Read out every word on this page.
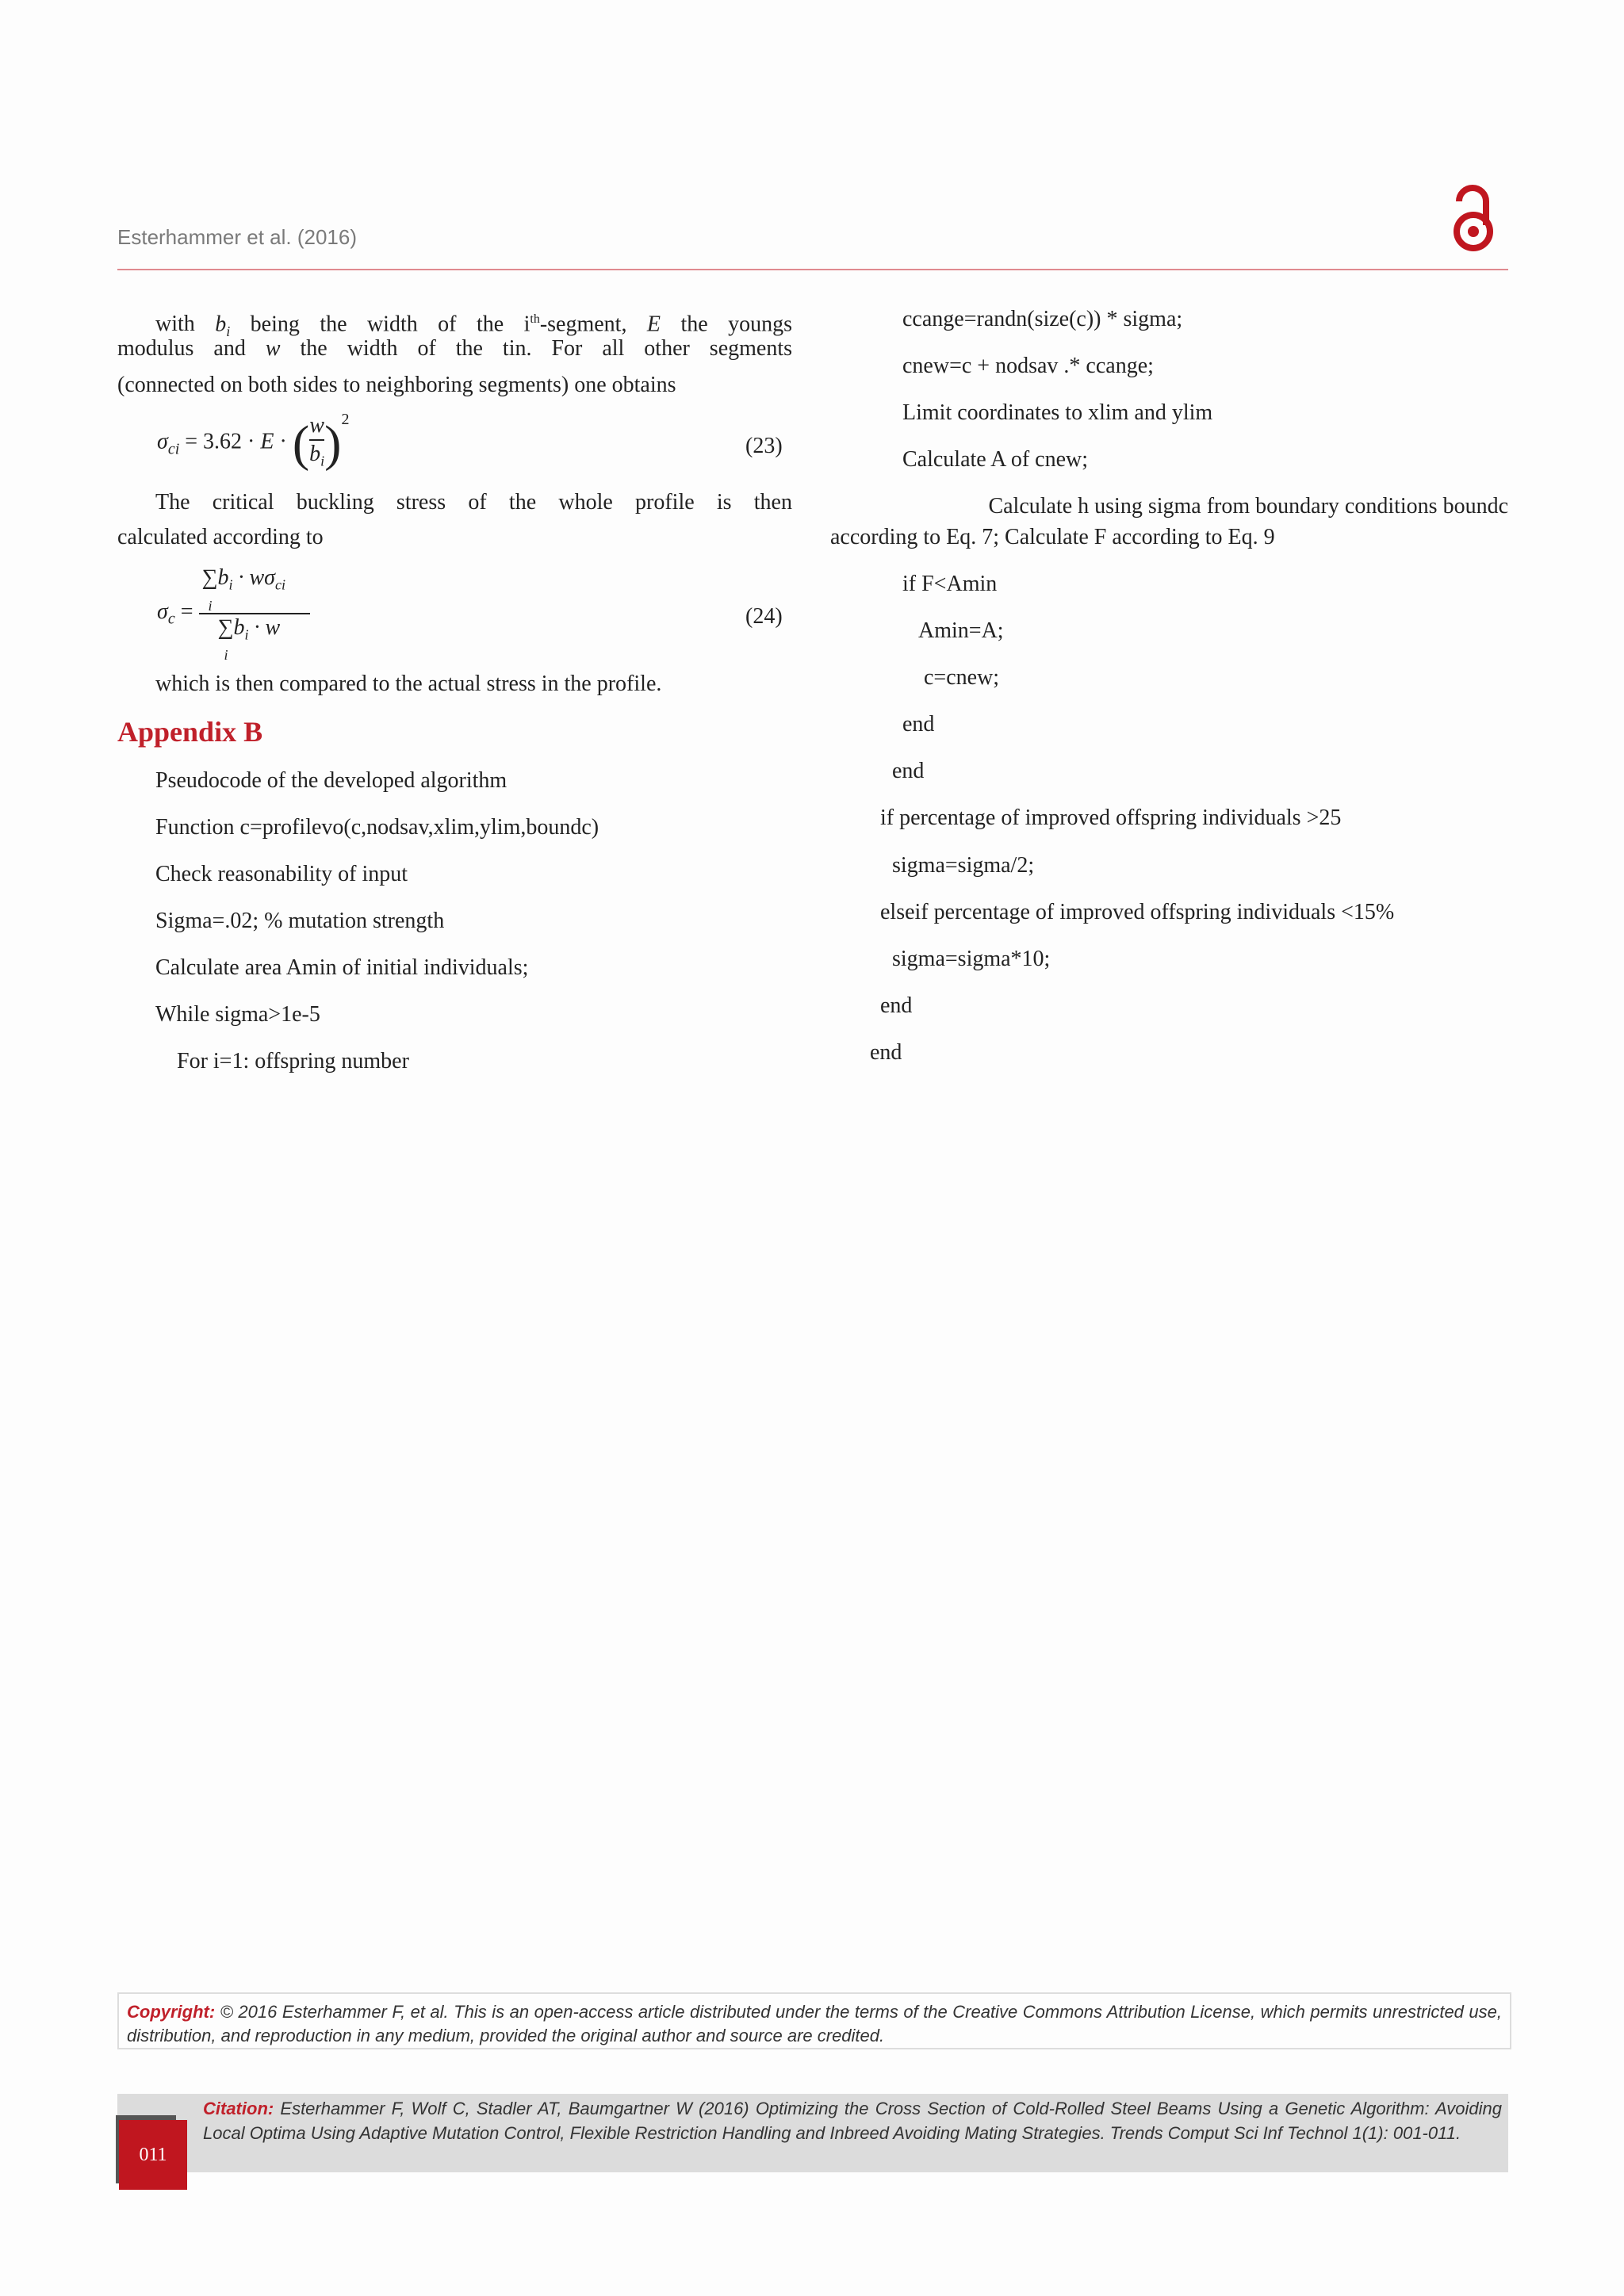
Esterhammer et al. (2016)
with $b_i$ being the width of the $i^{th}$-segment, E the youngs
modulus and w the width of the tin. For all other segments
(connected on both sides to neighboring segments) one obtains
$\sigma_{ci} = 3.62 \cdot E$ · ( $\frac{w}{b_i} )^2$
(23)
The critical buckling stress of the whole profile is then
calculated according to
$\sigma_c$ =
$\sum b_i \cdot w\sigma_{ci}$
i
$\sum b_i \cdot w$
i
(24)
which is then compared to the actual stress in the profile.
Appendix B
Pseudocode of the developed algorithm
Function c=profilevo(c,nodsav,xlim,ylim,boundc)
Check reasonability of input
Sigma=.02; % mutation strength
Calculate area Amin of initial individuals;
While sigma>1e-5
For i=1: offspring number
ccange=randn(size(c)) * sigma;
cnew=c + nodsav .* ccange;
Limit coordinates to xlim and ylim
Calculate A of cnew;
Calculate h using sigma from boundary conditions boundc
according to Eq. 7; Calculate F according to Eq. 9
if F<Amin
Amin=A;
c=cnew;
end
end
if percentage of improved offspring individuals >25
sigma=sigma/2;
elseif percentage of improved offspring individuals <15%
sigma=sigma*10;
end
end
Copyright: © 2016 Esterhammer F, et al. This is an open-access article distributed under the terms of the Creative Commons Attribution License, which permits unrestricted use, distribution, and reproduction in any medium, provided the original author and source are credited.
Citation: Esterhammer F, Wolf C, Stadler AT, Baumgartner W (2016) Optimizing the Cross Section of Cold-Rolled Steel Beams Using a Genetic Algorithm: Avoiding Local Optima Using Adaptive Mutation Control, Flexible Restriction Handling and Inbreed Avoiding Mating Strategies. Trends Comput Sci Inf Technol 1(1): 001-011.
011
